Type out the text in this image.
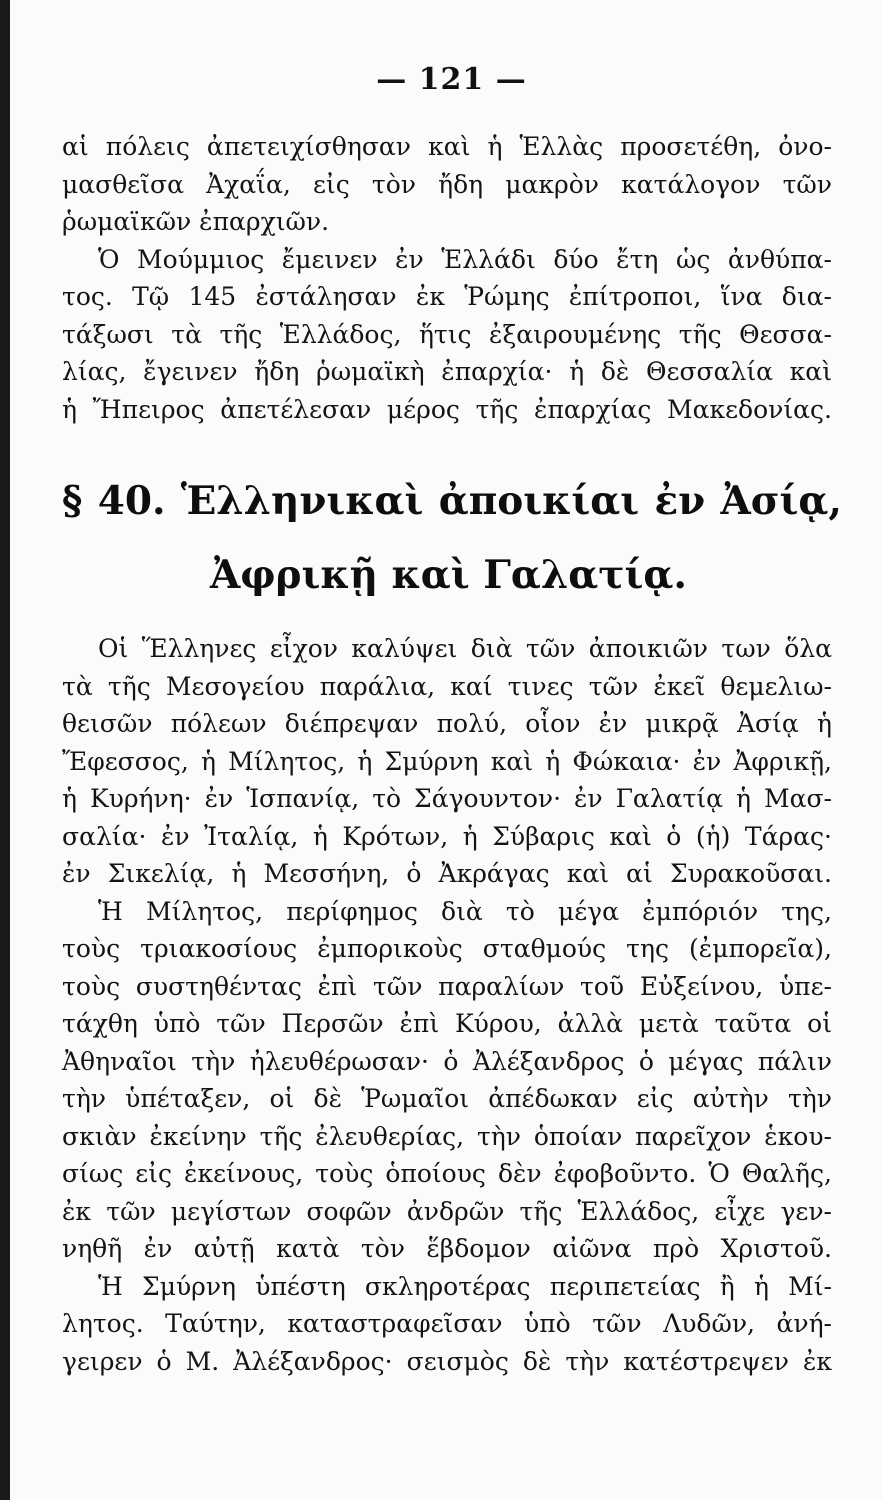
— 121 —
αἱ πόλεις ἀπετειχίσθησαν καὶ ἡ Ἑλλὰς προσετέθη, ὀνο-
μασθεῖσα Ἀχαΐα, εἰς τὸν ἤδη μακρὸν κατάλογον τῶν
ῥωμαϊκῶν ἐπαρχιῶν.
Ὁ Μούμμιος ἔμεινεν ἐν Ἑλλάδι δύο ἔτη ὡς ἀνθύπα-
τος. Τῷ 145 ἐστάλησαν ἐκ Ῥώμης ἐπίτροποι, ἵνα δια-
τάξωσι τὰ τῆς Ἑλλάδος, ἥτις ἐξαιρουμένης τῆς Θεσσα-
λίας, ἔγεινεν ἤδη ῥωμαϊκὴ ἐπαρχία· ἡ δὲ Θεσσαλία καὶ
ἡ Ἤπειρος ἀπετέλεσαν μέρος τῆς ἐπαρχίας Μακεδονίας.
§ 40. Ἑλληνικαὶ ἀποικίαι ἐν Ἀσίᾳ,
Ἀφρικῇ καὶ Γαλατίᾳ.
Οἱ Ἕλληνες εἶχον καλύψει διὰ τῶν ἀποικιῶν των ὅλα
τὰ τῆς Μεσογείου παράλια, καί τινες τῶν ἐκεῖ θεμελιω-
θεισῶν πόλεων διέπρεψαν πολύ, οἷον ἐν μικρᾷ Ἀσίᾳ ἡ
Ἔφεσσος, ἡ Μίλητος, ἡ Σμύρνη καὶ ἡ Φώκαια· ἐν Ἀφρικῇ,
ἡ Κυρήνη· ἐν Ἱσπανίᾳ, τὸ Σάγουντον· ἐν Γαλατίᾳ ἡ Μασ-
σαλία· ἐν Ἰταλίᾳ, ἡ Κρότων, ἡ Σύβαρις καὶ ὁ (ἡ) Τάρας·
ἐν Σικελίᾳ, ἡ Μεσσήνη, ὁ Ἀκράγας καὶ αἱ Συρακοῦσαι.
Ἡ Μίλητος, περίφημος διὰ τὸ μέγα ἐμπόριόν της,
τοὺς τριακοσίους ἐμπορικοὺς σταθμούς της (ἐμπορεῖα),
τοὺς συστηθέντας ἐπὶ τῶν παραλίων τοῦ Εὐξείνου, ὑπε-
τάχθη ὑπὸ τῶν Περσῶν ἐπὶ Κύρου, ἀλλὰ μετὰ ταῦτα οἱ
Ἀθηναῖοι τὴν ἠλευθέρωσαν· ὁ Ἀλέξανδρος ὁ μέγας πάλιν
τὴν ὑπέταξεν, οἱ δὲ Ῥωμαῖοι ἀπέδωκαν εἰς αὐτὴν τὴν
σκιὰν ἐκείνην τῆς ἐλευθερίας, τὴν ὁποίαν παρεῖχον ἑκου-
σίως εἰς ἐκείνους, τοὺς ὁποίους δὲν ἐφοβοῦντο. Ὁ Θαλῆς,
ἐκ τῶν μεγίστων σοφῶν ἀνδρῶν τῆς Ἑλλάδος, εἶχε γεν-
νηθῆ ἐν αὐτῇ κατὰ τὸν ἕβδομον αἰῶνα πρὸ Χριστοῦ.
Ἡ Σμύρνη ὑπέστη σκληροτέρας περιπετείας ἢ ἡ Μί-
λητος. Ταύτην, καταστραφεῖσαν ὑπὸ τῶν Λυδῶν, ἀνή-
γειρεν ὁ Μ. Ἀλέξανδρος· σεισμὸς δὲ τὴν κατέστρεψεν ἐκ
